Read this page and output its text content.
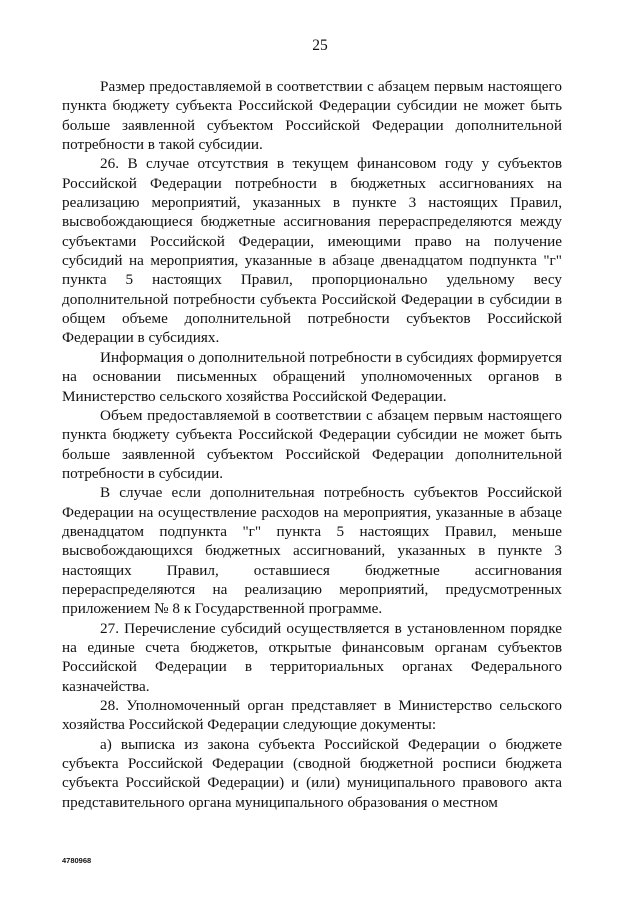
25

Размер предоставляемой в соответствии с абзацем первым настоящего пункта бюджету субъекта Российской Федерации субсидии не может быть больше заявленной субъектом Российской Федерации дополнительной потребности в такой субсидии.

26. В случае отсутствия в текущем финансовом году у субъектов Российской Федерации потребности в бюджетных ассигнованиях на реализацию мероприятий, указанных в пункте 3 настоящих Правил, высвобождающиеся бюджетные ассигнования перераспределяются между субъектами Российской Федерации, имеющими право на получение субсидий на мероприятия, указанные в абзаце двенадцатом подпункта "г" пункта 5 настоящих Правил, пропорционально удельному весу дополнительной потребности субъекта Российской Федерации в субсидии в общем объеме дополнительной потребности субъектов Российской Федерации в субсидиях.

Информация о дополнительной потребности в субсидиях формируется на основании письменных обращений уполномоченных органов в Министерство сельского хозяйства Российской Федерации.

Объем предоставляемой в соответствии с абзацем первым настоящего пункта бюджету субъекта Российской Федерации субсидии не может быть больше заявленной субъектом Российской Федерации дополнительной потребности в субсидии.

В случае если дополнительная потребность субъектов Российской Федерации на осуществление расходов на мероприятия, указанные в абзаце двенадцатом подпункта "г" пункта 5 настоящих Правил, меньше высвобождающихся бюджетных ассигнований, указанных в пункте 3 настоящих Правил, оставшиеся бюджетные ассигнования перераспределяются на реализацию мероприятий, предусмотренных приложением № 8 к Государственной программе.

27. Перечисление субсидий осуществляется в установленном порядке на единые счета бюджетов, открытые финансовым органам субъектов Российской Федерации в территориальных органах Федерального казначейства.

28. Уполномоченный орган представляет в Министерство сельского хозяйства Российской Федерации следующие документы:

а) выписка из закона субъекта Российской Федерации о бюджете субъекта Российской Федерации (сводной бюджетной росписи бюджета субъекта Российской Федерации) и (или) муниципального правового акта представительного органа муниципального образования о местном

4780968
